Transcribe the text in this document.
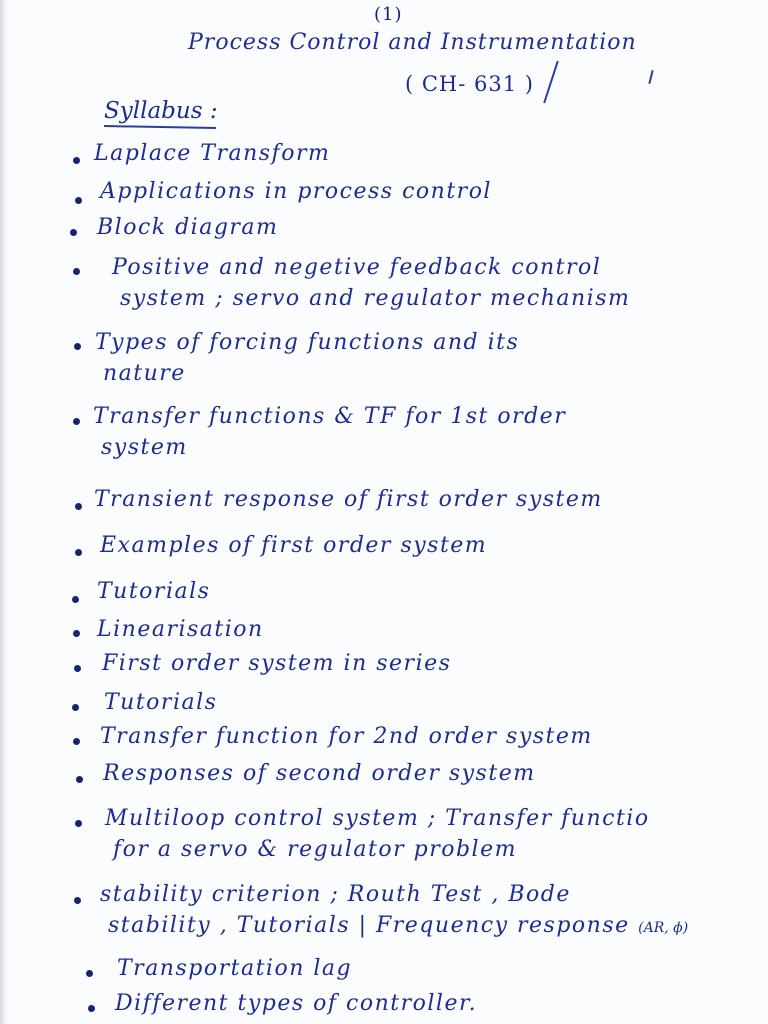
(1)
Process Control and Instrumentation
( CH- 631 )
Syllabus :
Laplace Transform
Applications in process control
Block diagram
Positive and negetive feedback control
system ; servo and regulator mechanism
Types of forcing functions and its
nature
Transfer functions & TF for 1st order
system
Transient response of first order system
Examples of first order system
Tutorials
Linearisation
First order system in series
Tutorials
Transfer function for 2nd order system
Responses of second order system
Multiloop control system ; Transfer functio
for a servo & regulator problem
stability criterion ; Routh Test , Bode
stability , Tutorials | Frequency response (AR, ϕ)
Transportation lag
Different types of controller.
